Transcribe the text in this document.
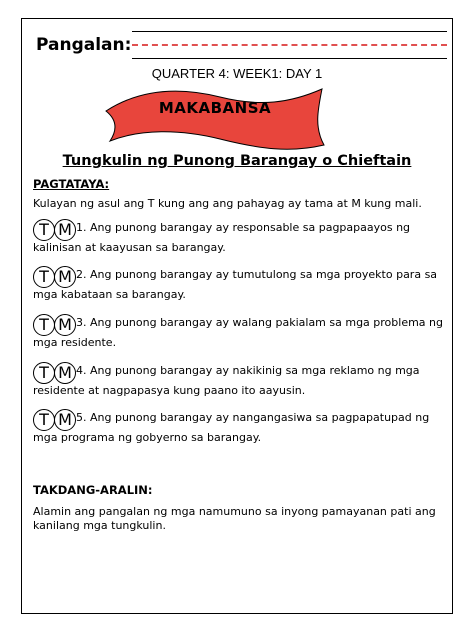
Pangalan:
QUARTER 4: WEEK1: DAY 1
MAKABANSA
Tungkulin ng Punong Barangay o Chieftain
PAGTATAYA:
Kulayan ng asul ang T kung ang ang pahayag ay tama at M kung mali.
T M 1. Ang punong barangay ay responsable sa pagpapaayos ng kalinisan at kaayusan sa barangay.
T M 2. Ang punong barangay ay tumutulong sa mga proyekto para sa mga kabataan sa barangay.
T M 3. Ang punong barangay ay walang pakialam sa mga problema ng mga residente.
T M 4. Ang punong barangay ay nakikinig sa mga reklamo ng mga residente at nagpapasya kung paano ito aayusin.
T M 5. Ang punong barangay ay nangangasiwa sa pagpapatupad ng mga programa ng gobyerno sa barangay.
TAKDANG-ARALIN:
Alamin ang pangalan ng mga namumuno sa inyong pamayanan pati ang kanilang mga tungkulin.
